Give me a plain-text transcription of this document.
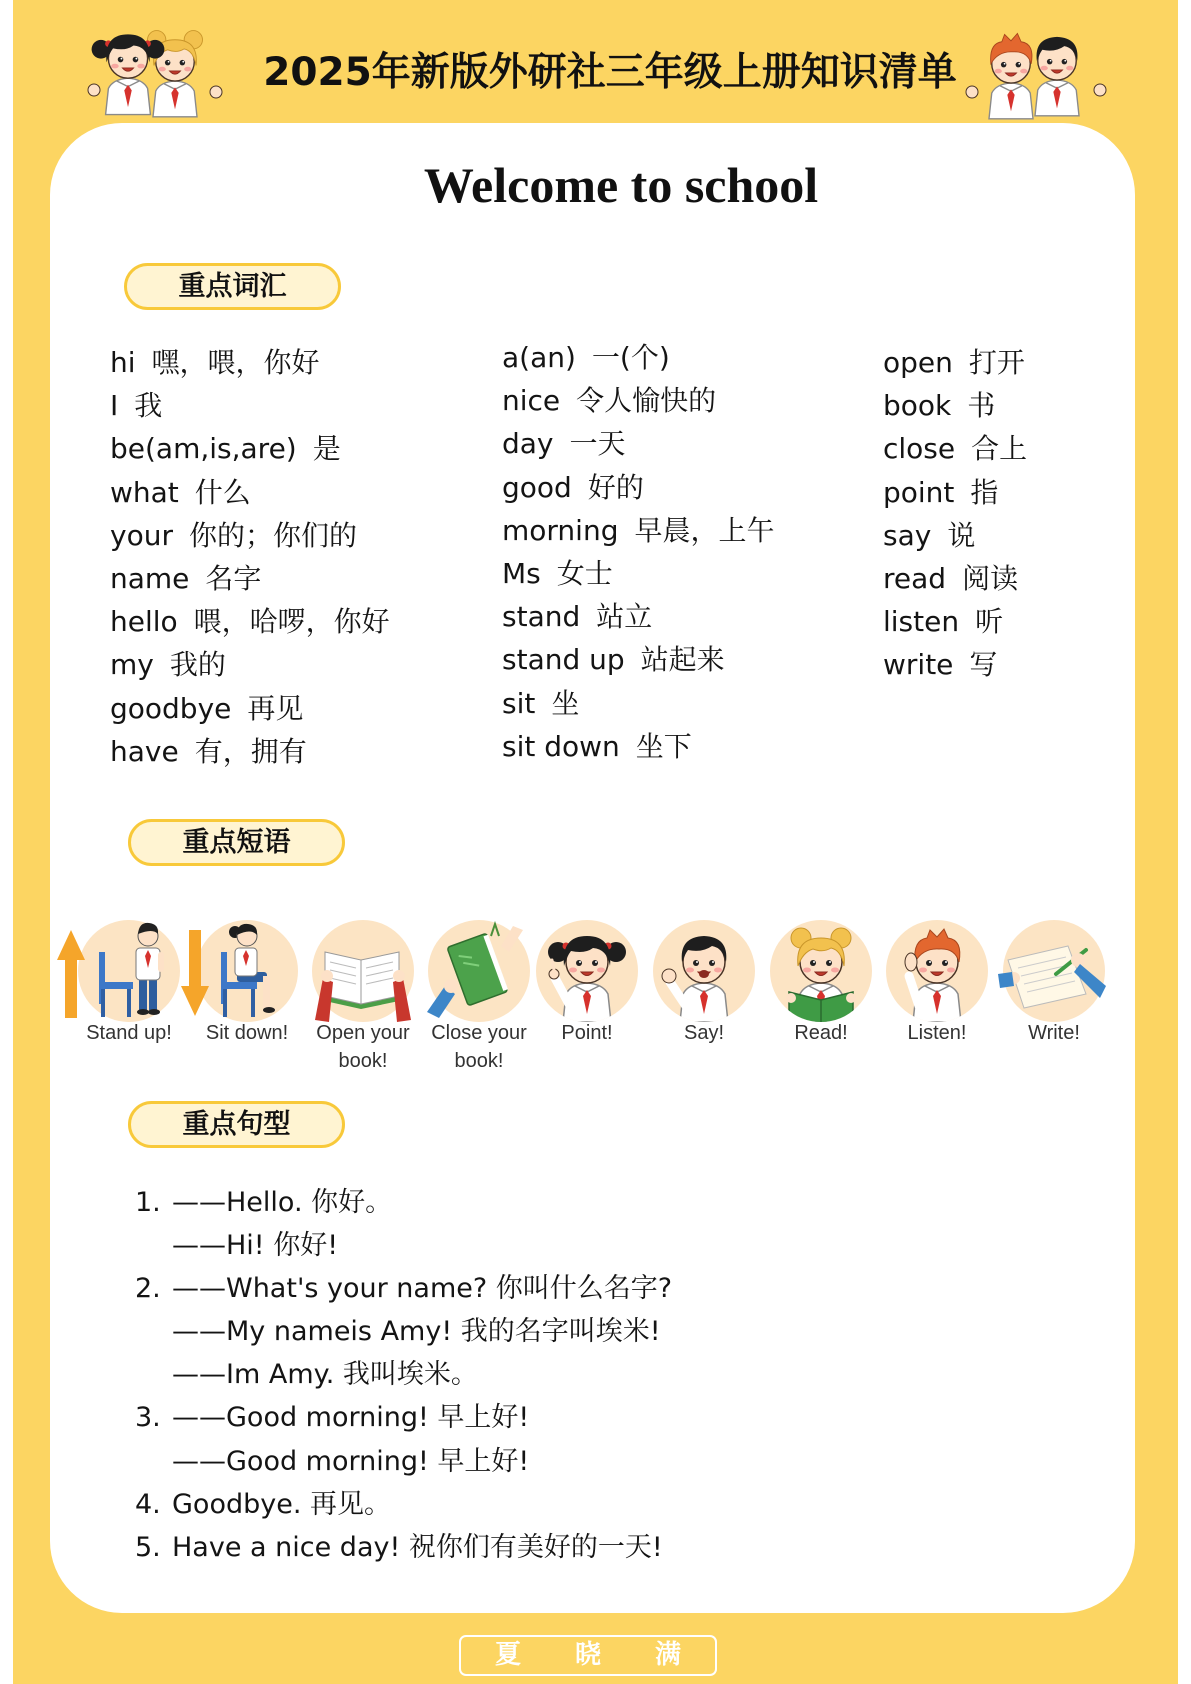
2025年新版外研社三年级上册知识清单
Welcome to school
重点词汇
hi 嘿，喂，你好
I 我
be(am,is,are) 是
what 什么
your 你的；你们的
name 名字
hello 喂，哈啰，你好
my 我的
goodbye 再见
have 有，拥有
a(an) 一(个)
nice 令人愉快的
day 一天
good 好的
morning 早晨，上午
Ms 女士
stand 站立
stand up 站起来
sit 坐
sit down 坐下
open 打开
book 书
close 合上
point 指
say 说
read 阅读
listen 听
write 写
重点短语
Stand up!	Sit down!	Open your book!
Close your book!
Point!	Say!	Read!	Listen!	Write!
重点句型
1. ——Hello. 你好。
——Hi! 你好!
2. ——What's your name? 你叫什么名字?
——My nameis Amy! 我的名字叫埃米!
——Im Amy. 我叫埃米。
3. ——Good morning! 早上好!
——Good morning! 早上好!
4. Goodbye. 再见。
5. Have a nice day! 祝你们有美好的一天!
夏 晓 满
